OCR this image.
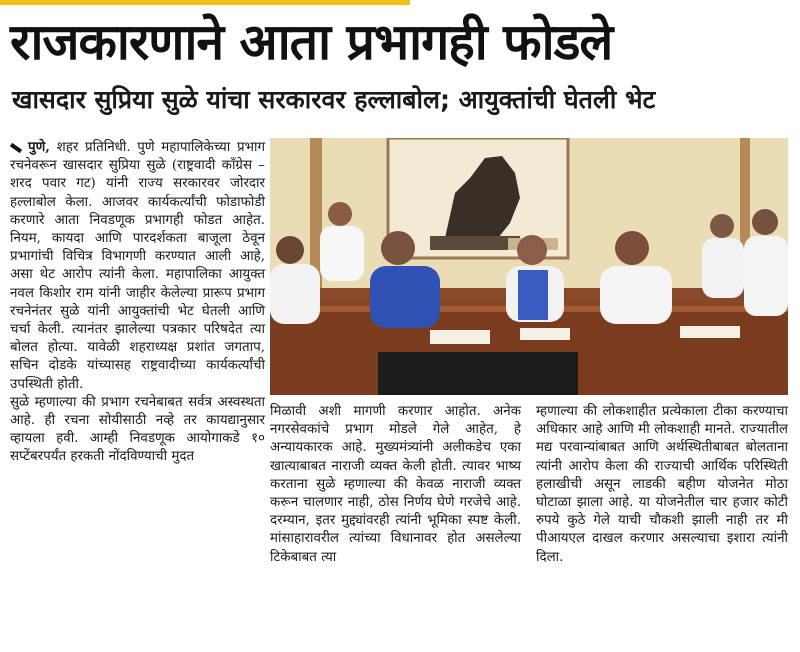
राजकारणाने आता प्रभागही फोडले
खासदार सुप्रिया सुळे यांचा सरकारवर हल्लाबोल; आयुक्तांची घेतली भेट

पुणे, शहर प्रतिनिधी. पुणे महापालिकेच्या प्रभाग रचनेवरून खासदार सुप्रिया सुळे (राष्ट्रवादी काँग्रेस – शरद पवार गट) यांनी राज्य सरकारवर जोरदार हल्लाबोल केला. आजवर कार्यकर्त्यांची फोडाफोडी करणारे आता निवडणूक प्रभागही फोडत आहेत. नियम, कायदा आणि पारदर्शकता बाजूला ठेवून प्रभागांची विचित्र विभागणी करण्यात आली आहे, असा थेट आरोप त्यांनी केला. महापालिका आयुक्त नवल किशोर राम यांनी जाहीर केलेल्या प्रारूप प्रभाग रचनेनंतर सुळे यांनी आयुक्तांची भेट घेतली आणि चर्चा केली. त्यानंतर झालेल्या पत्रकार परिषदेत त्या बोलत होत्या. यावेळी शहराध्यक्ष प्रशांत जगताप, सचिन दोडके यांच्यासह राष्ट्रवादीच्या कार्यकर्त्यांची उपस्थिती होती.

सुळे म्हणाल्या की प्रभाग रचनेबाबत सर्वत्र अस्वस्थता आहे. ही रचना सोयीसाठी नव्हे तर कायद्यानुसार व्हायला हवी. आम्ही निवडणूक आयोगाकडे १० सप्टेंबरपर्यंत हरकती नोंदविण्याची मुदत

मिळावी अशी मागणी करणार आहोत. अनेक नगरसेवकांचे प्रभाग मोडले गेले आहेत, हे अन्यायकारक आहे. मुख्यमंत्र्यांनी अलीकडेच एका खात्याबाबत नाराजी व्यक्त केली होती. त्यावर भाष्य करताना सुळे म्हणाल्या की केवळ नाराजी व्यक्त करून चालणार नाही, ठोस निर्णय घेणे गरजेचे आहे. दरम्यान, इतर मुद्द्यांवरही त्यांनी भूमिका स्पष्ट केली. मांसाहारावरील त्यांच्या विधानावर होत असलेल्या टिकेबाबत त्या

म्हणाल्या की लोकशाहीत प्रत्येकाला टीका करण्याचा अधिकार आहे आणि मी लोकशाही मानते. राज्यातील मद्य परवान्यांबाबत आणि अर्थस्थितीबाबत बोलताना त्यांनी आरोप केला की राज्याची आर्थिक परिस्थिती हलाखीची असून लाडकी बहीण योजनेत मोठा घोटाळा झाला आहे. या योजनेतील चार हजार कोटी रुपये कुठे गेले याची चौकशी झाली नाही तर मी पीआयएल दाखल करणार असल्याचा इशारा त्यांनी दिला.
